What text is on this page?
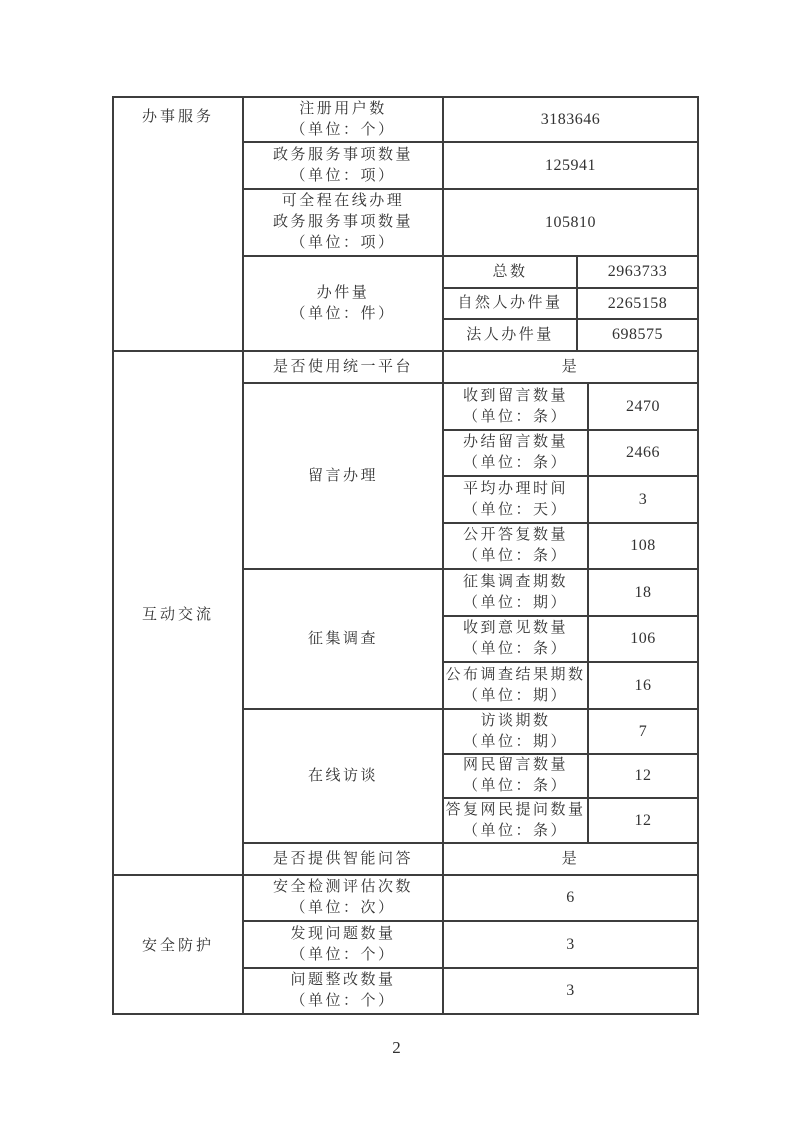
办事服务	注册用户数
（单位：个）	3183646		

	政务服务事项数量
（单位：项）	125941		

	可全程在线办理
政务服务事项数量
（单位：项）	105810		

	办件量
（单位：件）	总数	2963733	
		自然人办件量	2265158	
		法人办件量	698575	
互动交流	是否使用统一平台	是		
	留言办理	收到留言数量
（单位：条）		2470

		办结留言数量
（单位：条）		2466

		平均办理时间
（单位：天）		3

		公开答复数量
（单位：条）		108
	征集调查	征集调查期数
（单位：期）		18

		收到意见数量
（单位：条）		106

		公布调查结果期数
（单位：期）		16
	在线访谈	访谈期数
（单位：期）		7

		网民留言数量
（单位：条）		12

		答复网民提问数量
（单位：条）		12
	是否提供智能问答	是		
安全防护	安全检测评估次数
（单位：次）	6		

	发现问题数量
（单位：个）	3		

	问题整改数量
（单位：个）	3		
2
